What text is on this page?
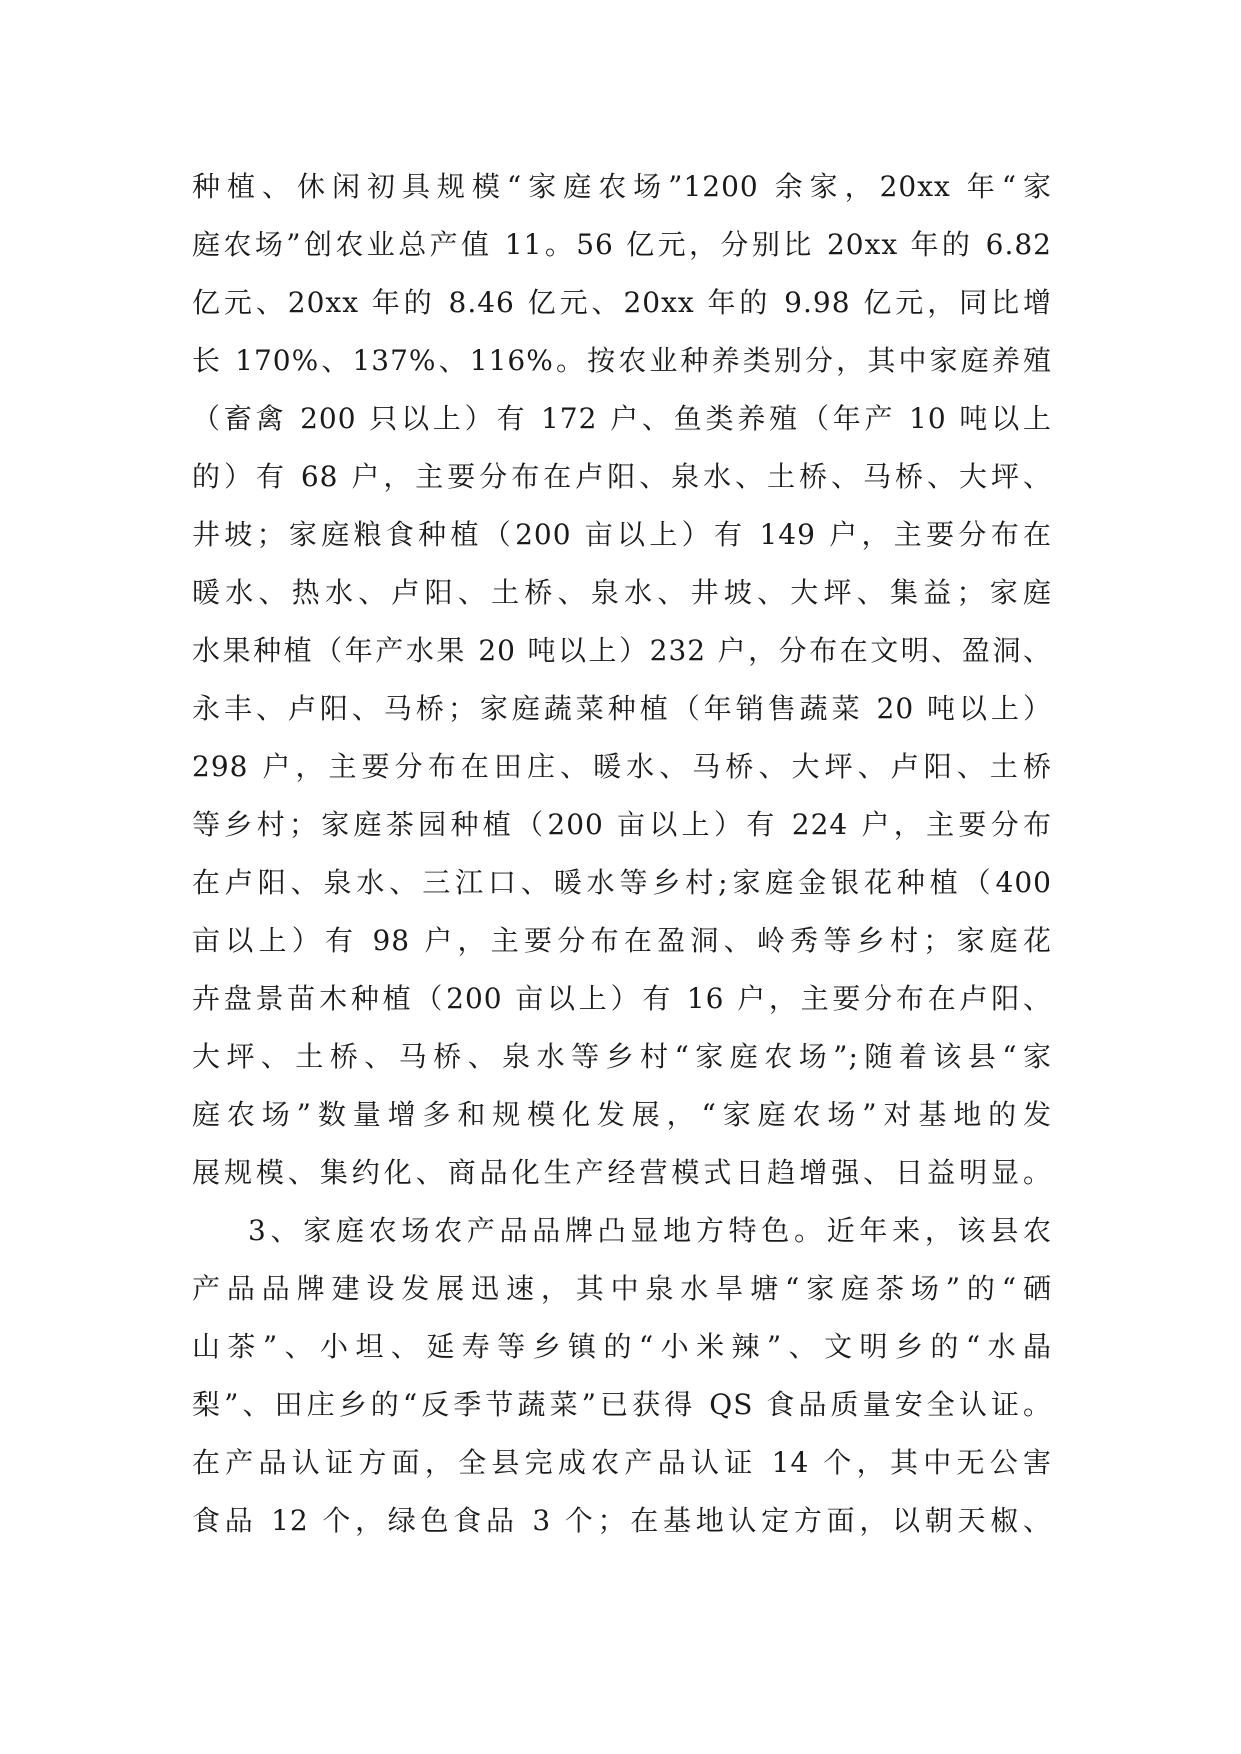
种植、休闲初具规模“家庭农场”1200 余家，20xx 年“家
庭农场”创农业总产值 11。56 亿元，分别比 20xx 年的 6.82
亿元、20xx 年的 8.46 亿元、20xx 年的 9.98 亿元，同比增
长 170%、137%、116%。按农业种养类别分，其中家庭养殖
（畜禽 200 只以上）有 172 户、鱼类养殖（年产 10 吨以上
的）有 68 户，主要分布在卢阳、泉水、土桥、马桥、大坪、
井坡；家庭粮食种植（200 亩以上）有 149 户，主要分布在
暖水、热水、卢阳、土桥、泉水、井坡、大坪、集益；家庭
水果种植（年产水果 20 吨以上）232 户，分布在文明、盈洞、
永丰、卢阳、马桥；家庭蔬菜种植（年销售蔬菜 20 吨以上）
298 户，主要分布在田庄、暖水、马桥、大坪、卢阳、土桥
等乡村；家庭茶园种植（200 亩以上）有 224 户，主要分布
在卢阳、泉水、三江口、暖水等乡村;家庭金银花种植（400
亩以上）有 98 户，主要分布在盈洞、岭秀等乡村；家庭花
卉盘景苗木种植（200 亩以上）有 16 户，主要分布在卢阳、
大坪、土桥、马桥、泉水等乡村“家庭农场”;随着该县“家
庭农场”数量增多和规模化发展，“家庭农场”对基地的发
展规模、集约化、商品化生产经营模式日趋增强、日益明显。
3、家庭农场农产品品牌凸显地方特色。近年来，该县农
产品品牌建设发展迅速，其中泉水旱塘“家庭茶场”的“硒
山茶”、小坦、延寿等乡镇的“小米辣”、文明乡的“水晶
梨”、田庄乡的“反季节蔬菜”已获得 QS 食品质量安全认证。
在产品认证方面，全县完成农产品认证 14 个，其中无公害
食品 12 个，绿色食品 3 个；在基地认定方面，以朝天椒、
